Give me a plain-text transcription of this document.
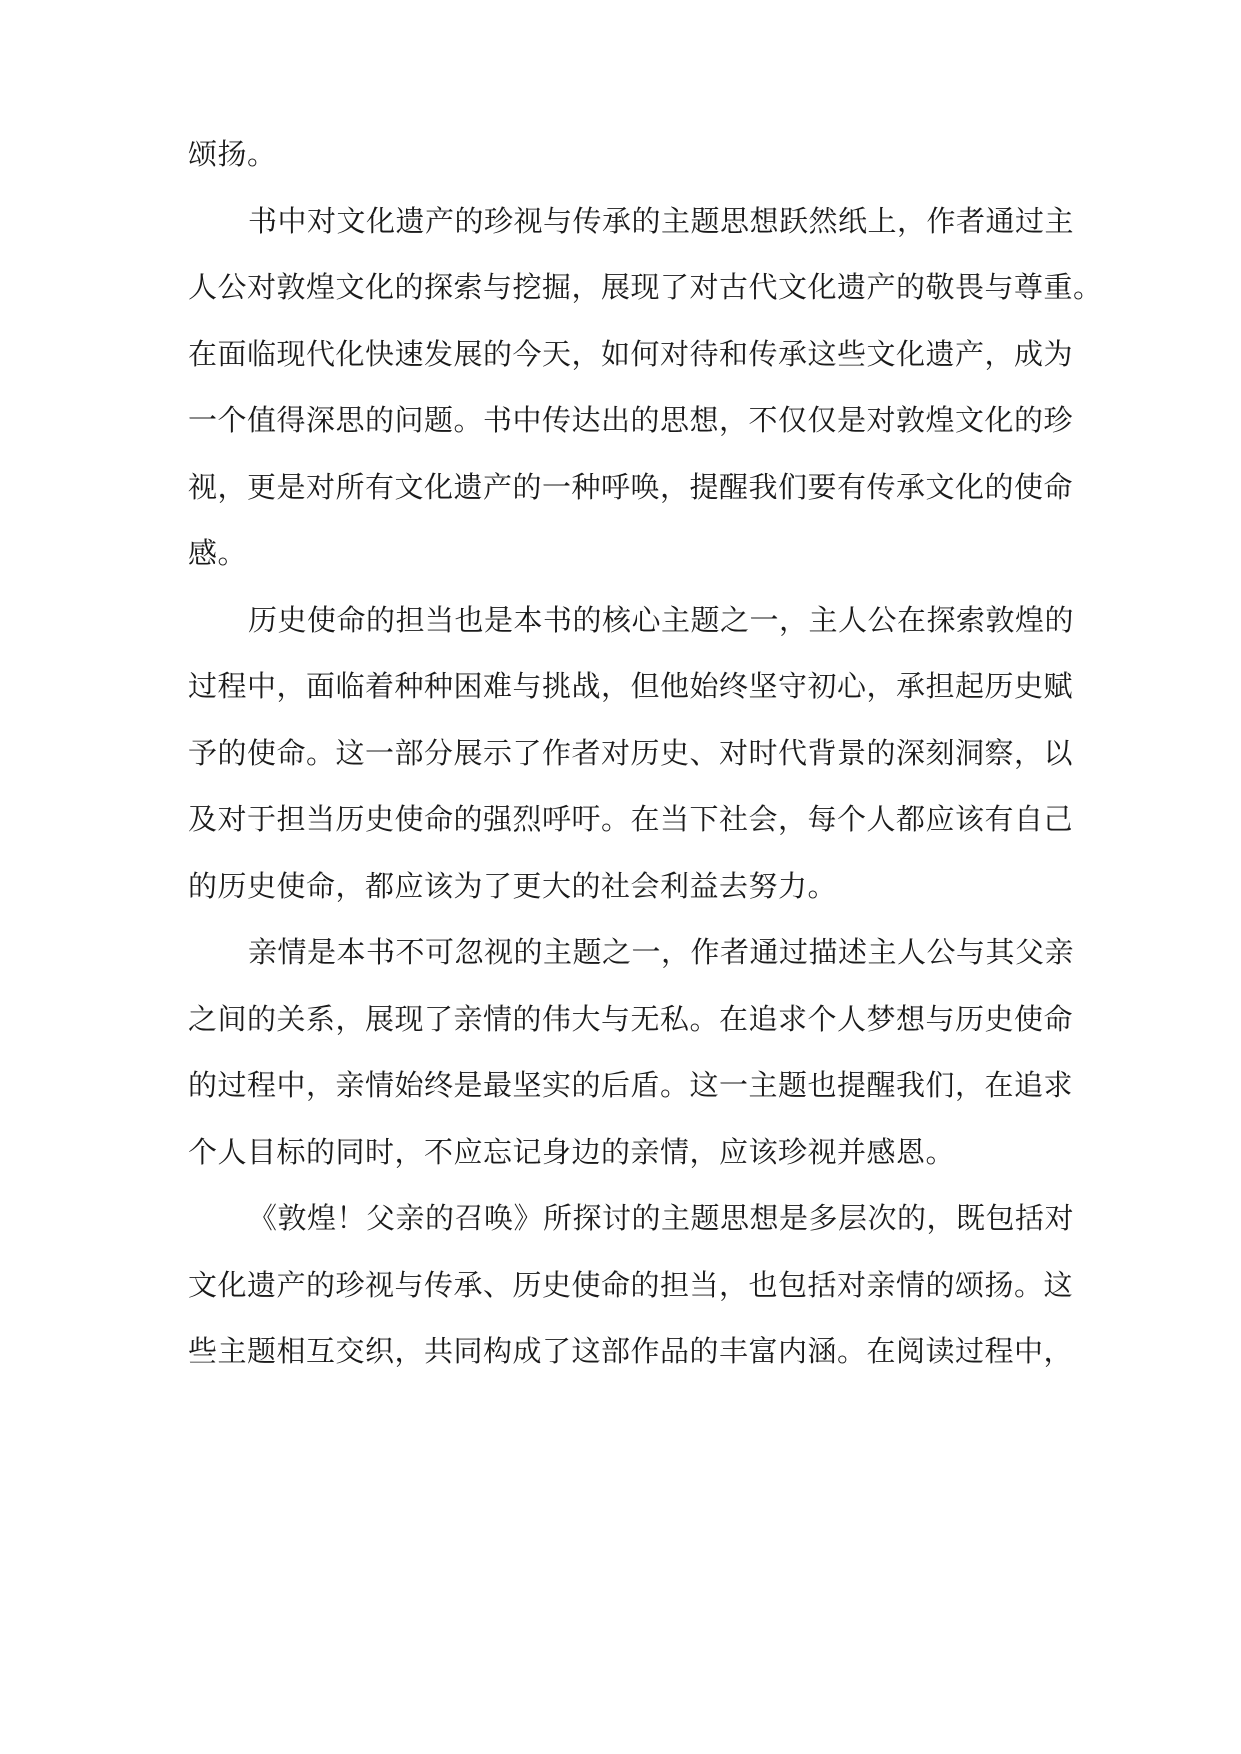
颂扬。
书中对文化遗产的珍视与传承的主题思想跃然纸上，作者通过主
人公对敦煌文化的探索与挖掘，展现了对古代文化遗产的敬畏与尊重。
在面临现代化快速发展的今天，如何对待和传承这些文化遗产，成为
一个值得深思的问题。书中传达出的思想，不仅仅是对敦煌文化的珍
视，更是对所有文化遗产的一种呼唤，提醒我们要有传承文化的使命
感。
历史使命的担当也是本书的核心主题之一，主人公在探索敦煌的
过程中，面临着种种困难与挑战，但他始终坚守初心，承担起历史赋
予的使命。这一部分展示了作者对历史、对时代背景的深刻洞察，以
及对于担当历史使命的强烈呼吁。在当下社会，每个人都应该有自己
的历史使命，都应该为了更大的社会利益去努力。
亲情是本书不可忽视的主题之一，作者通过描述主人公与其父亲
之间的关系，展现了亲情的伟大与无私。在追求个人梦想与历史使命
的过程中，亲情始终是最坚实的后盾。这一主题也提醒我们，在追求
个人目标的同时，不应忘记身边的亲情，应该珍视并感恩。
《敦煌！父亲的召唤》所探讨的主题思想是多层次的，既包括对
文化遗产的珍视与传承、历史使命的担当，也包括对亲情的颂扬。这
些主题相互交织，共同构成了这部作品的丰富内涵。在阅读过程中，
